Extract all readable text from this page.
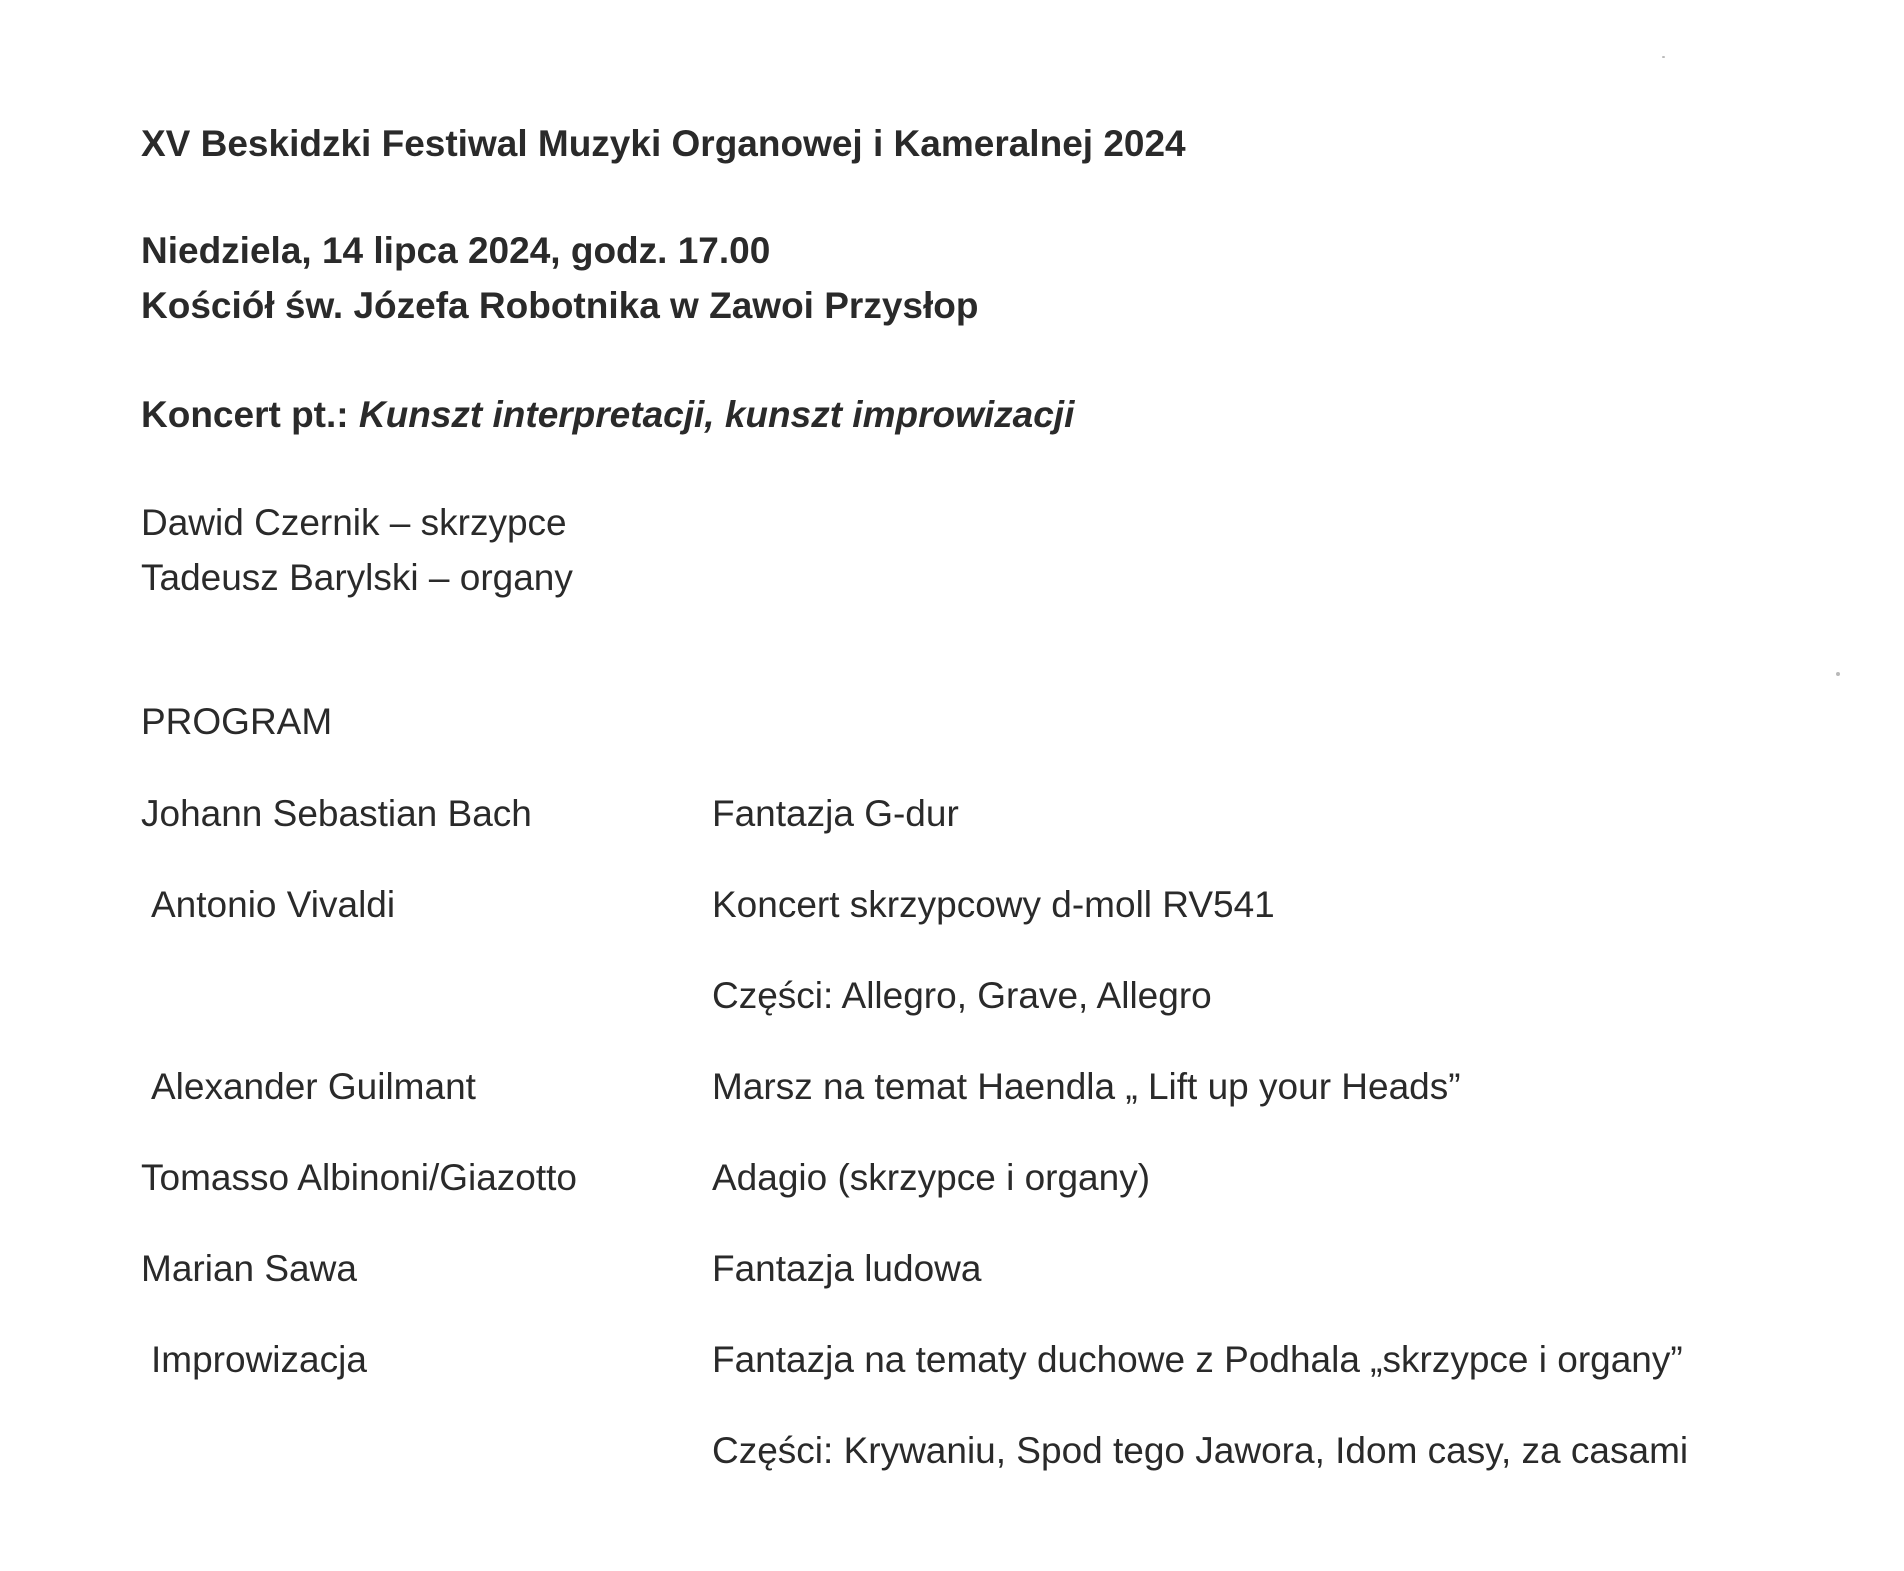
XV Beskidzki Festiwal Muzyki Organowej i Kameralnej 2024
Niedziela, 14 lipca 2024, godz. 17.00
Kościół św. Józefa Robotnika w Zawoi Przysłop
Koncert pt.: Kunszt interpretacji, kunszt improwizacji
Dawid Czernik – skrzypce
Tadeusz Barylski – organy
PROGRAM
Johann Sebastian Bach	Fantazja G-dur
Antonio Vivaldi	Koncert skrzypcowy d-moll RV541
Części: Allegro, Grave, Allegro
Alexander Guilmant	Marsz na temat Haendla „ Lift up your Heads”
Tomasso Albinoni/Giazotto	Adagio (skrzypce i organy)
Marian Sawa	Fantazja ludowa
Improwizacja	Fantazja na tematy duchowe z Podhala „skrzypce i organy”
Części: Krywaniu, Spod tego Jawora, Idom casy, za casami
